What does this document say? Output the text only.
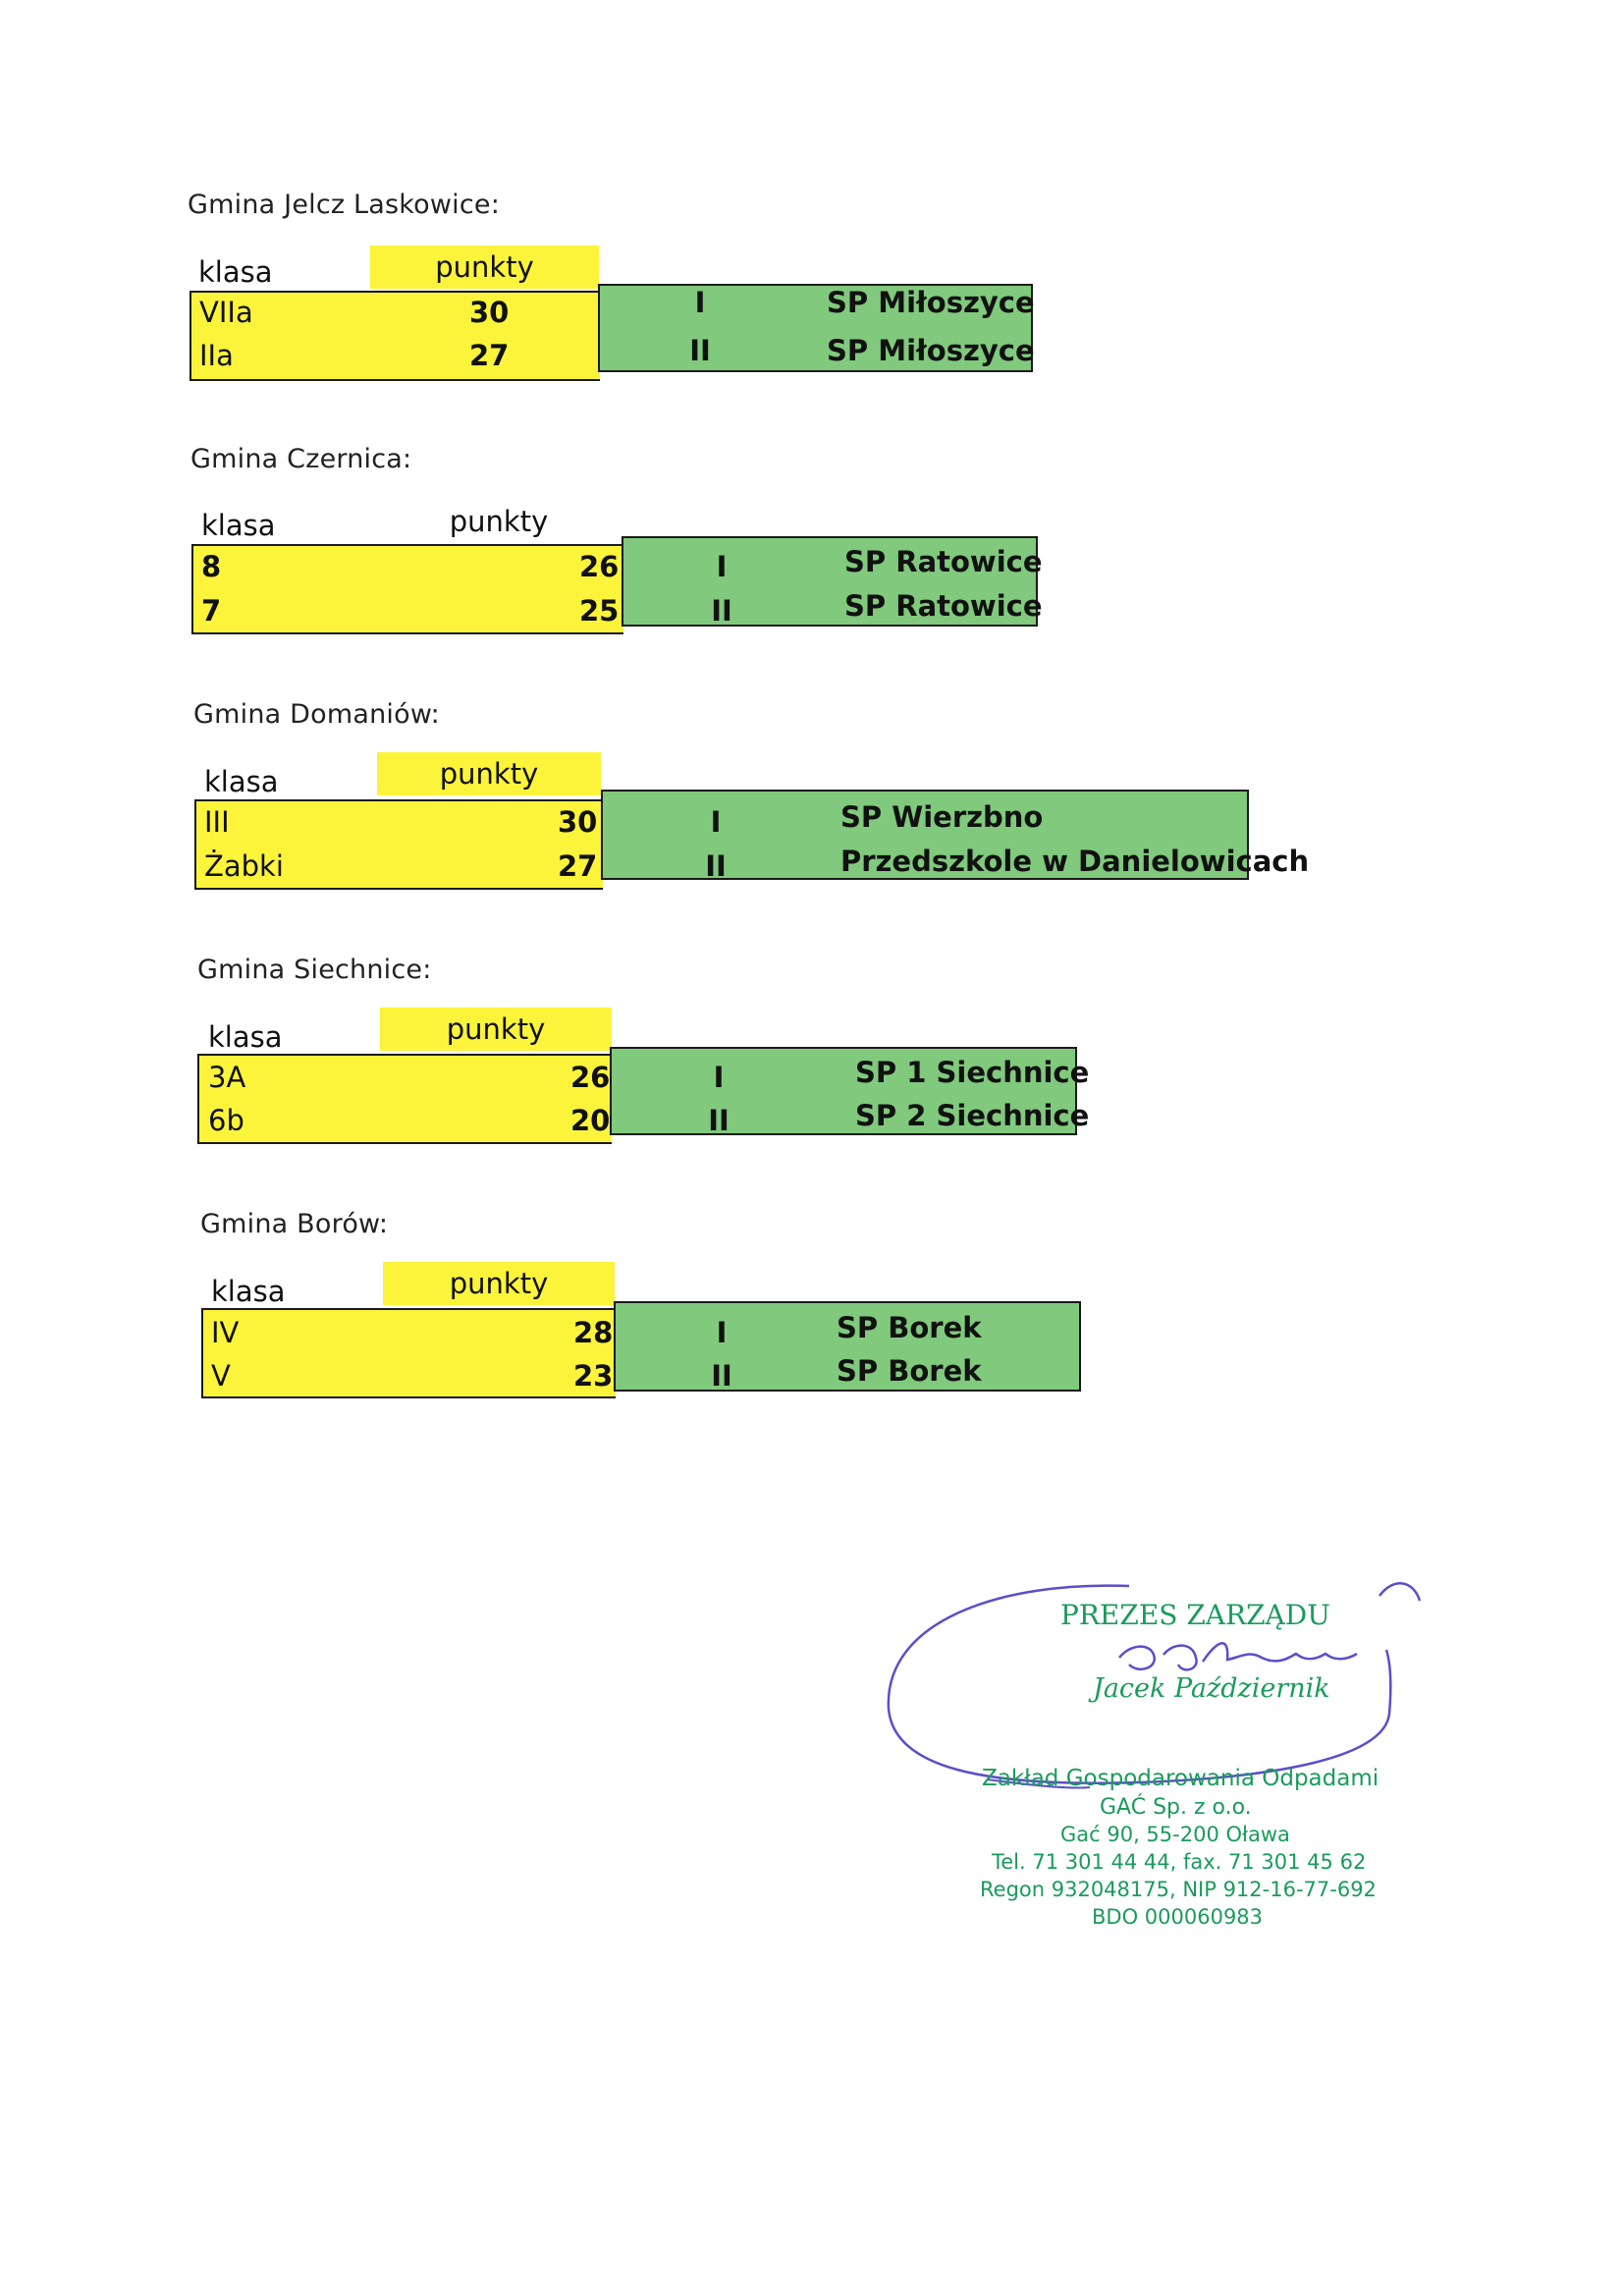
Gmina Jelcz Laskowice:
klasa	punkty
VIIa	30	I	SP Miłoszyce
IIa	27	II	SP Miłoszyce
Gmina Czernica:
klasa	punkty
8	26	I	SP Ratowice
7	25	II	SP Ratowice
Gmina Domaniów:
klasa	punkty
III	30	I	SP Wierzbno
Żabki	27	II	Przedszkole w Danielowicach
Gmina Siechnice:
klasa	punkty
3A	26	I	SP 1 Siechnice
6b	20	II	SP 2 Siechnice
Gmina Borów:
klasa	punkty
IV	28	I	SP Borek
V	23	II	SP Borek
PREZES ZARZĄDU
Jacek Październik
Zakład Gospodarowania Odpadami
GAĆ Sp. z o.o.
Gać 90, 55-200 Oława
Tel. 71 301 44 44, fax. 71 301 45 62
Regon 932048175, NIP 912-16-77-692
BDO 000060983
